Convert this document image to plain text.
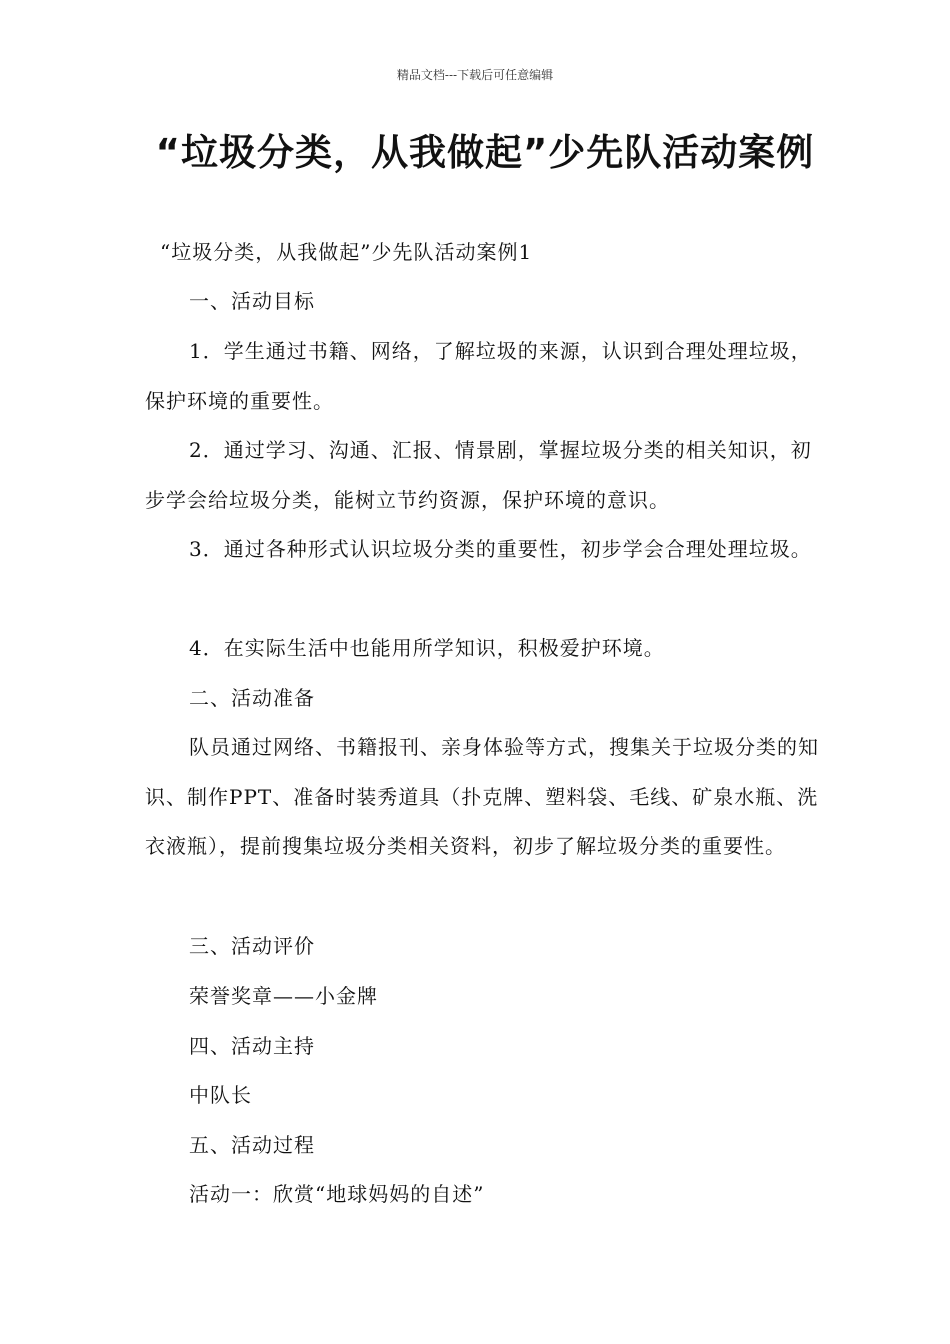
精品文档---下载后可任意编辑
“垃圾分类，从我做起”少先队活动案例
“垃圾分类，从我做起”少先队活动案例1
一、活动目标
1．学生通过书籍、网络，了解垃圾的来源，认识到合理处理垃圾，保护环境的重要性。
2．通过学习、沟通、汇报、情景剧，掌握垃圾分类的相关知识，初步学会给垃圾分类，能树立节约资源，保护环境的意识。
3．通过各种形式认识垃圾分类的重要性，初步学会合理处理垃圾。
4．在实际生活中也能用所学知识，积极爱护环境。
二、活动准备
队员通过网络、书籍报刊、亲身体验等方式，搜集关于垃圾分类的知识、制作PPT、准备时装秀道具（扑克牌、塑料袋、毛线、矿泉水瓶、洗衣液瓶），提前搜集垃圾分类相关资料，初步了解垃圾分类的重要性。
三、活动评价
荣誉奖章——小金牌
四、活动主持
中队长
五、活动过程
活动一：欣赏“地球妈妈的自述”
